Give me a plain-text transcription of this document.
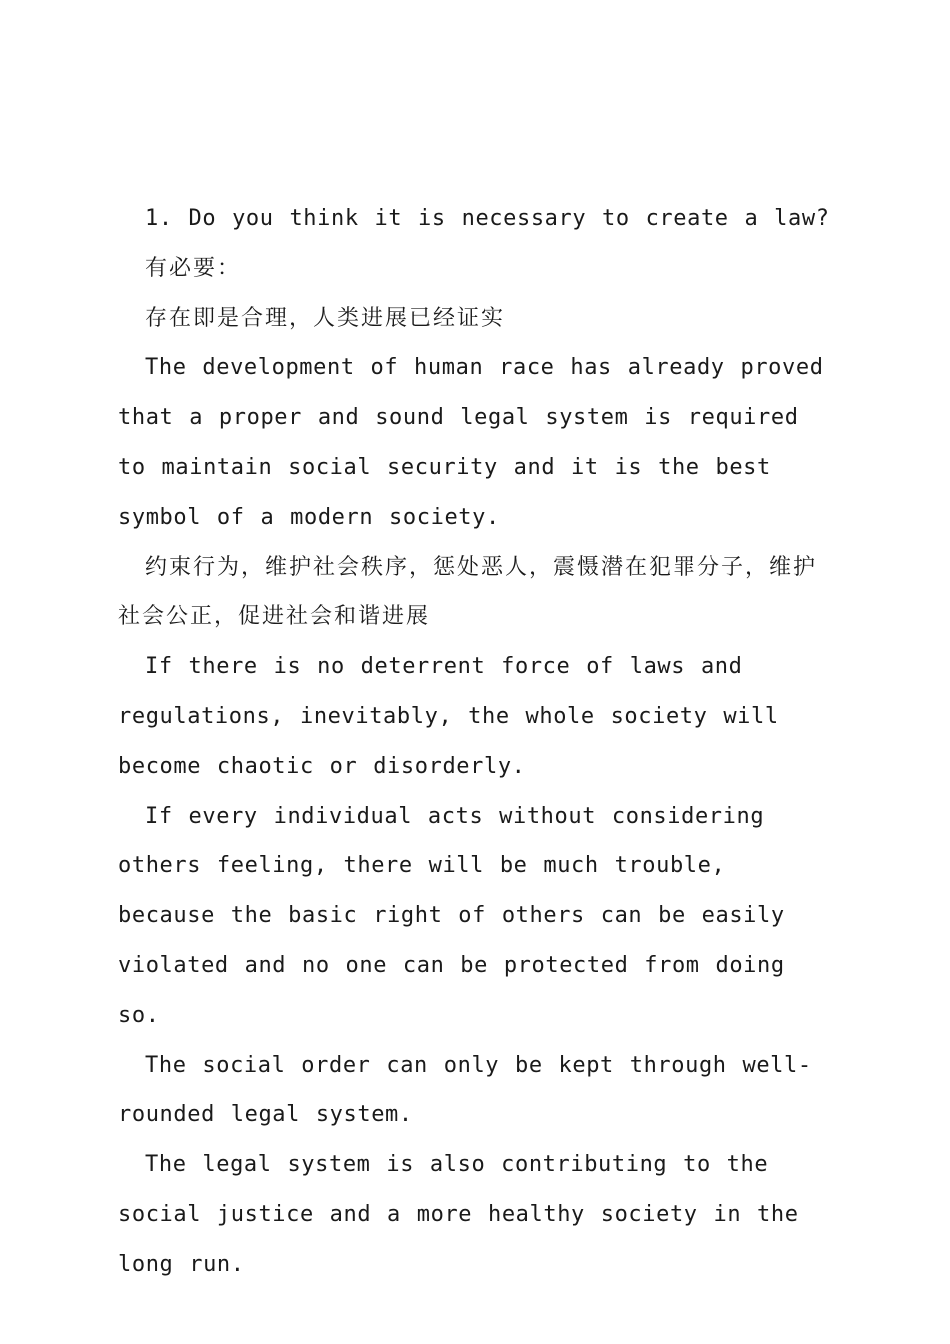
1. Do you think it is necessary to create a law?

有必要：

存在即是合理，人类进展已经证实

The development of human race has already proved that a proper and sound legal system is required to maintain social security and it is the best symbol of a modern society.

约束行为，维护社会秩序，惩处恶人，震慑潜在犯罪分子，维护社会公正，促进社会和谐进展

If there is no deterrent force of laws and regulations, inevitably, the whole society will become chaotic or disorderly.

If every individual acts without considering others feeling, there will be much trouble, because the basic right of others can be easily violated and no one can be protected from doing so.

The social order can only be kept through well-rounded legal system.

The legal system is also contributing to the social justice and a more healthy society in the long run.
